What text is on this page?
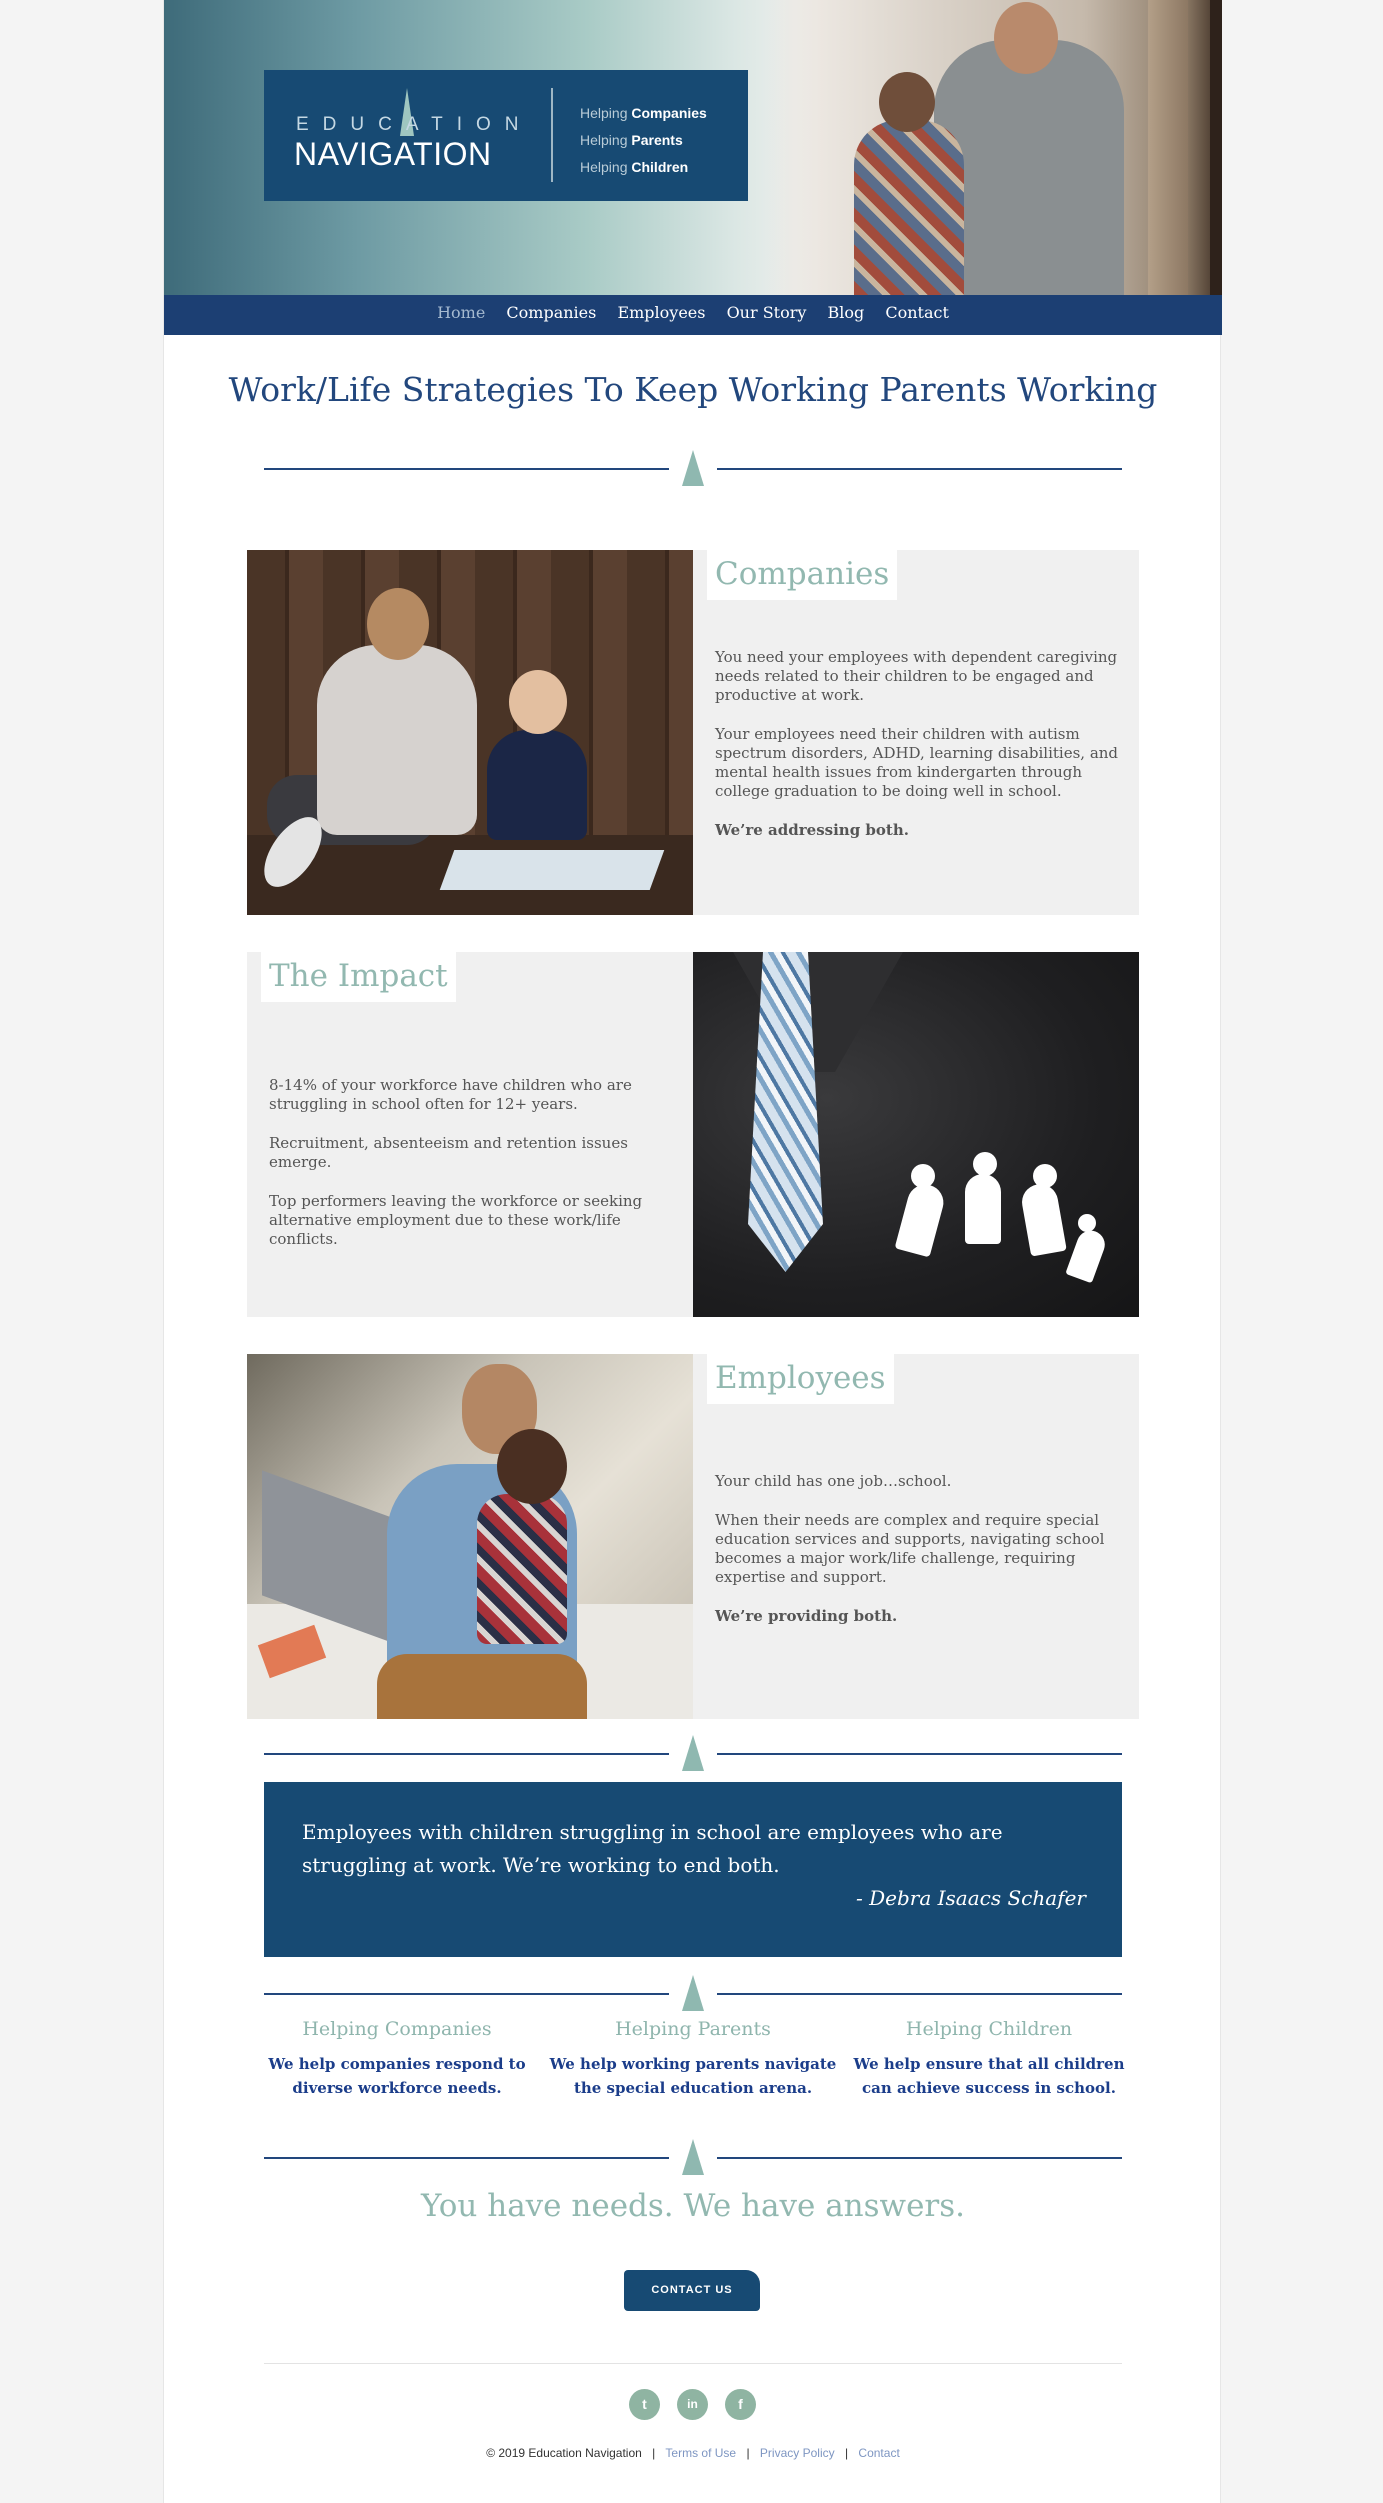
EDUCATION
NAVIGATION
Helping Companies
Helping Parents
Helping Children
Home Companies Employees Our Story Blog Contact
Work/Life Strategies To Keep Working Parents Working
Companies

You need your employees with dependent caregiving needs related to their children to be engaged and productive at work.

Your employees need their children with autism spectrum disorders, ADHD, learning disabilities, and mental health issues from kindergarten through college graduation to be doing well in school.

We’re addressing both.

The Impact

8-14% of your workforce have children who are struggling in school often for 12+ years.

Recruitment, absenteeism and retention issues emerge.

Top performers leaving the workforce or seeking alternative employment due to these work/life conflicts.

Employees

Your child has one job…school.

When their needs are complex and require special education services and supports, navigating school becomes a major work/life challenge, requiring expertise and support.

We’re providing both.

Employees with children struggling in school are employees who are struggling at work. We’re working to end both.
- Debra Isaacs Schafer
Helping Companies

We help companies respond to diverse workforce needs.

Helping Parents

We help working parents navigate the special education arena.

Helping Children

We help ensure that all children can achieve success in school.

You have needs. We have answers.
CONTACT US
t	in	f
© 2019 Education Navigation | Terms of Use | Privacy Policy | Contact
